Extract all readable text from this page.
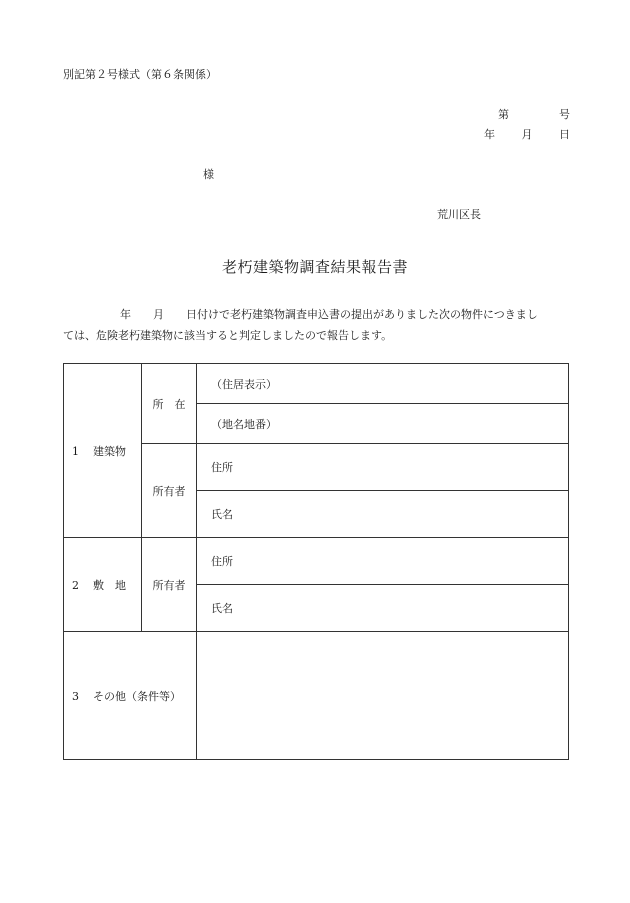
別記第２号様式（第６条関係）
第	号
年 月 日
様
荒川区長
老朽建築物調査結果報告書
年 月 日付けで老朽建築物調査申込書の提出がありました次の物件につきまし
ては、危険老朽建築物に該当すると判定しましたので報告します。
1 建築物	所　在	（住居表示）
		（地名地番）
	所有者	住所
		氏名
2 敷　地	所有者	住所
		氏名
3 その他（条件等）		
